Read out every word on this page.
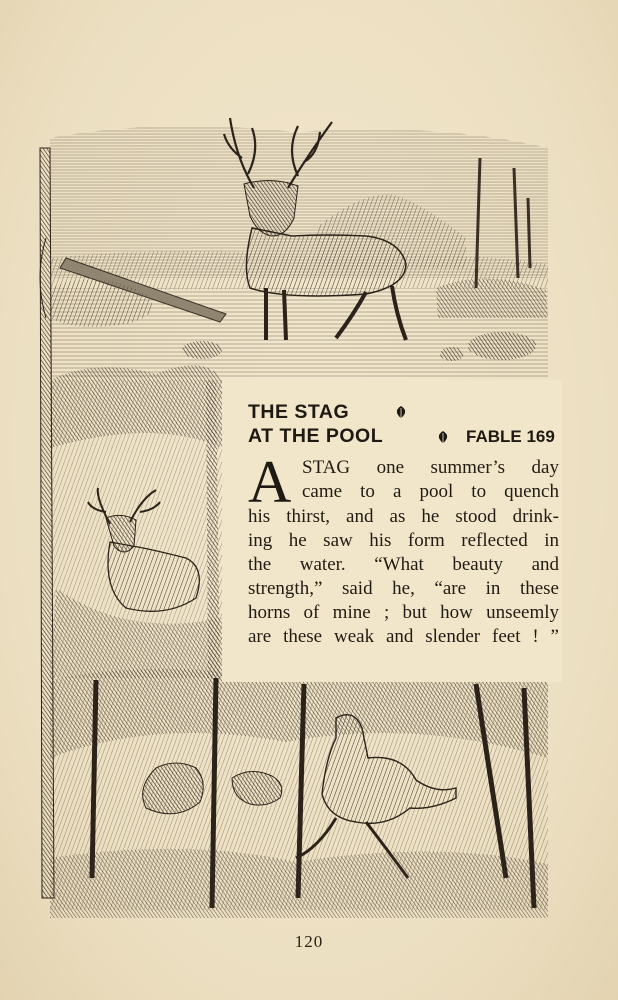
THE STAG
AT THE POOL	FABLE 169
A STAG one summer’s day
came to a pool to quench
his thirst, and as he stood drink-
ing he saw his form reflected in
the water. “What beauty and
strength,” said he, “are in these
horns of mine ; but how unseemly
are these weak and slender feet ! ”
120
